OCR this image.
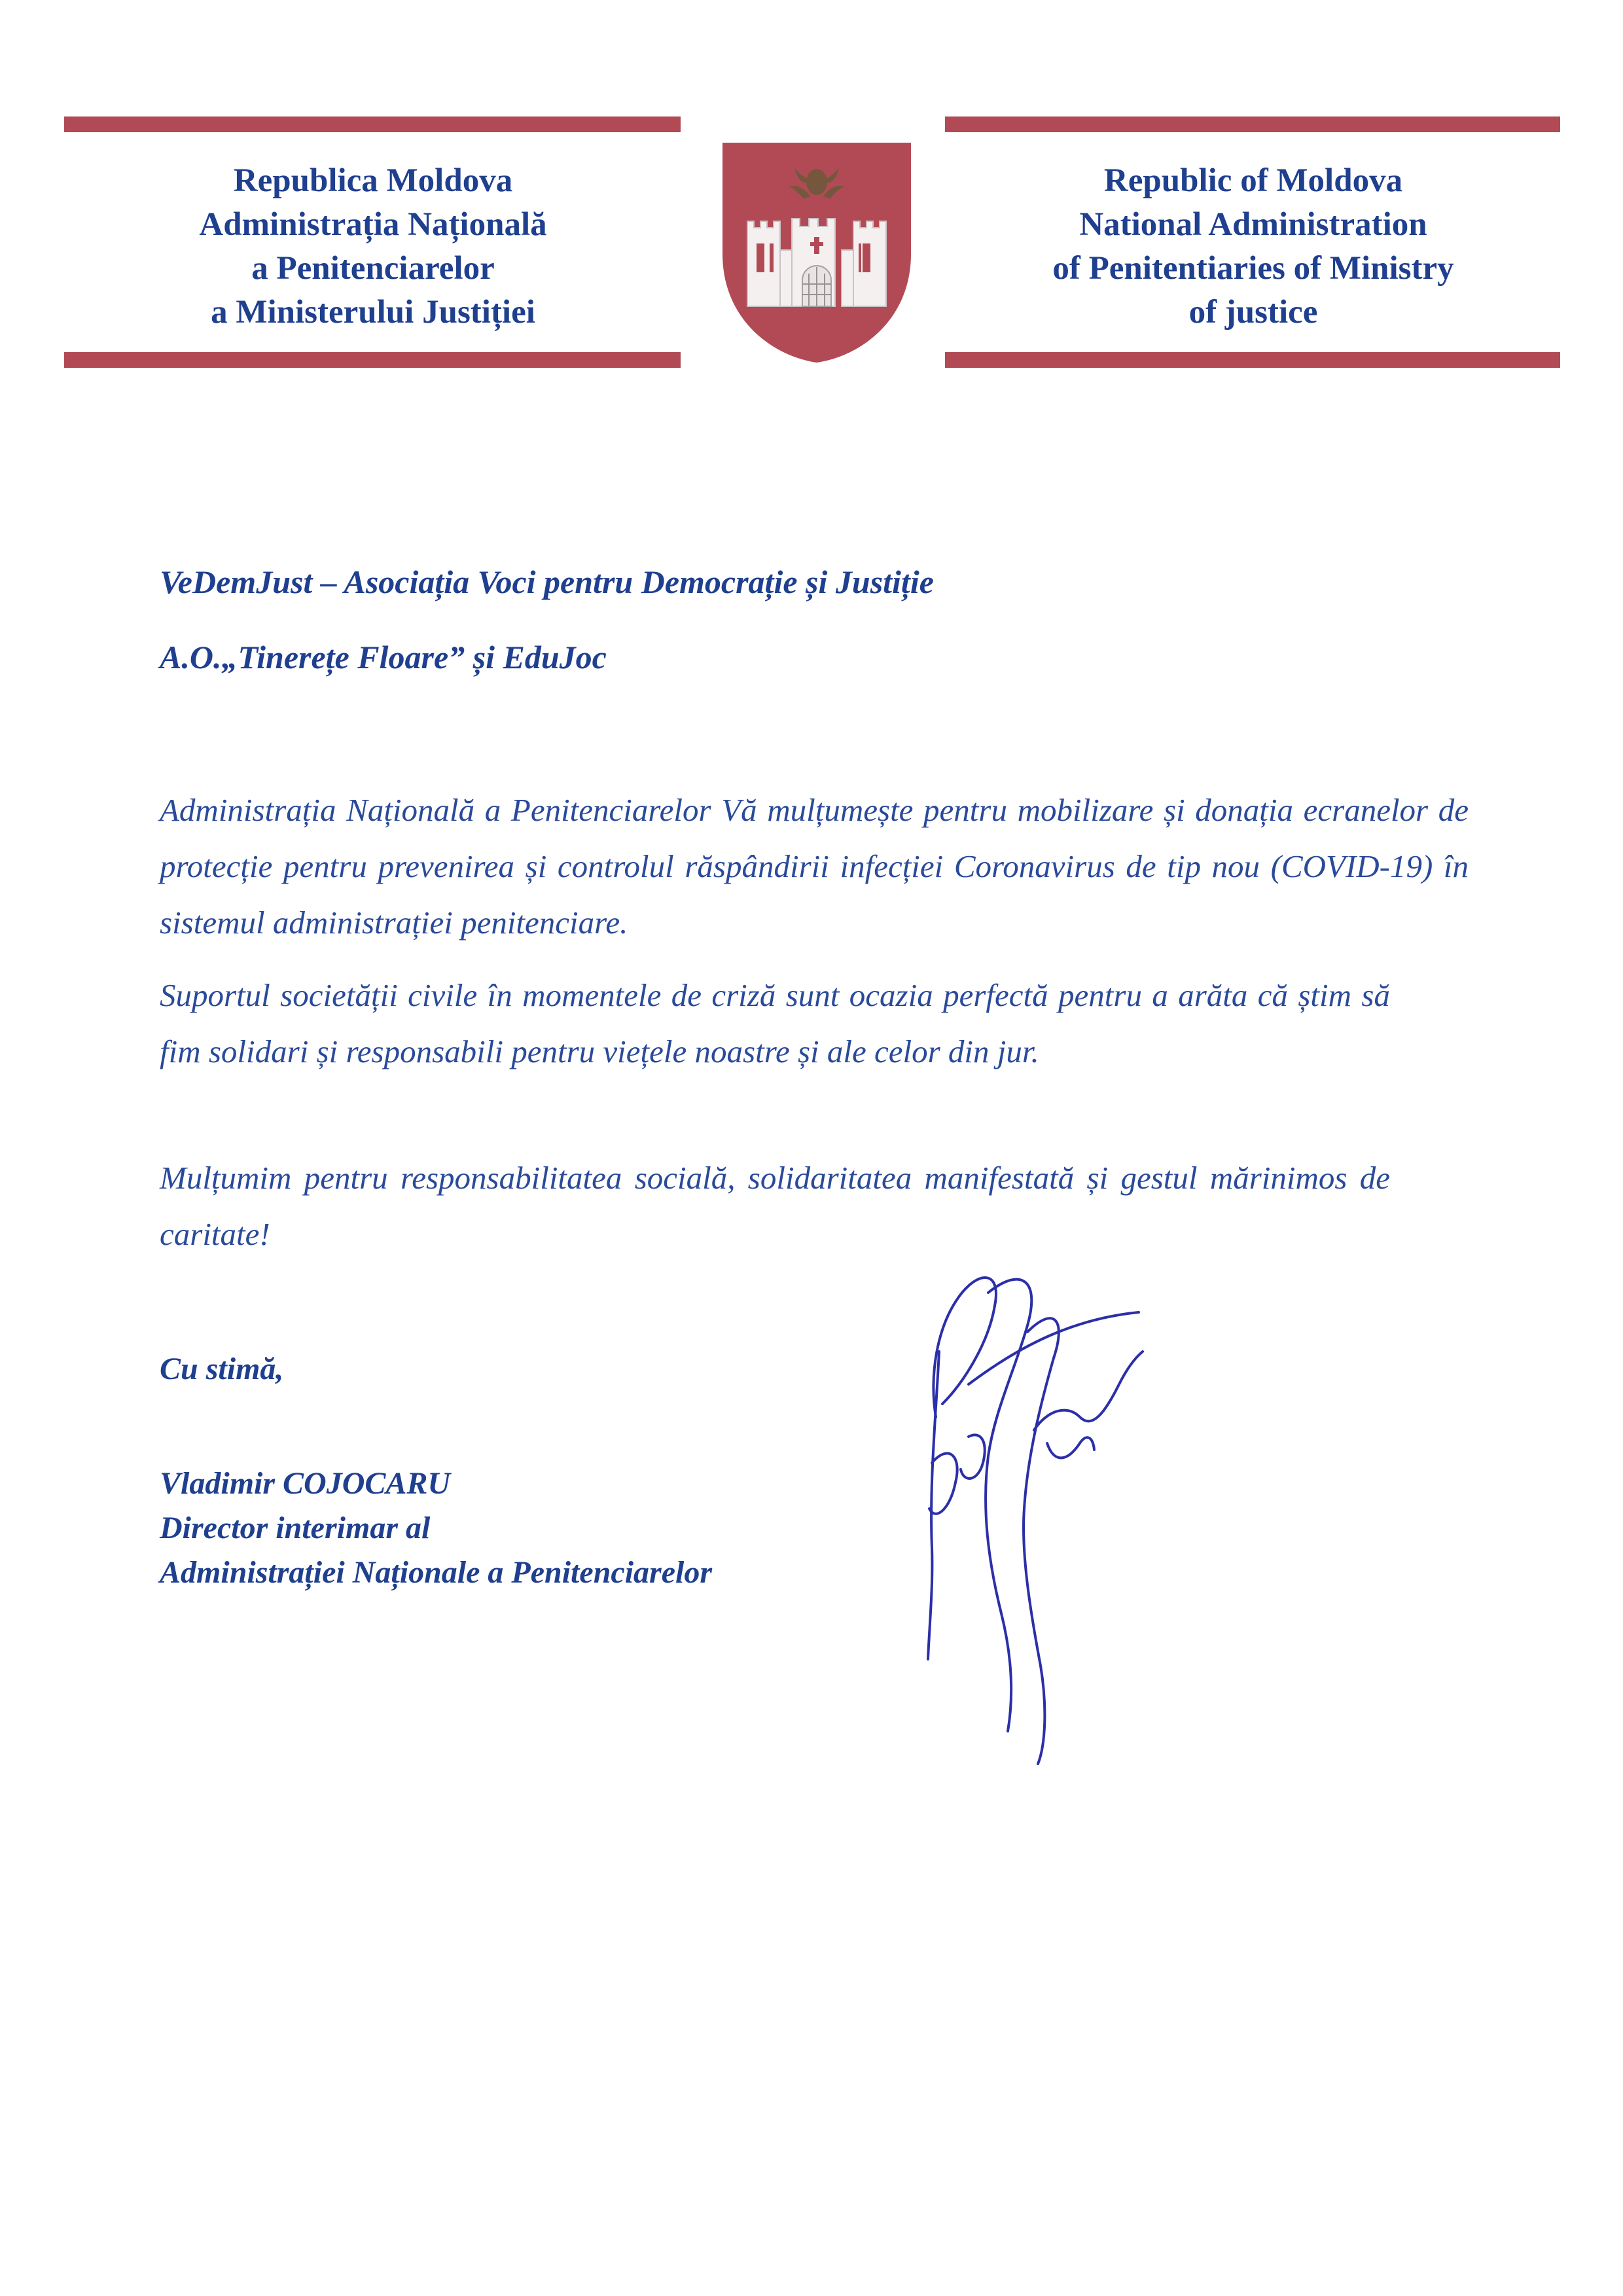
Republica Moldova
Administrația Națională
a Penitenciarelor
a Ministerului Justiției
Republic of Moldova
National Administration
of Penitentiaries of Ministry
of justice
VeDemJust – Asociația Voci pentru Democrație și Justiție
A.O.„Tinerețe Floare” și EduJoc
Administrația Națională a Penitenciarelor Vă mulțumește pentru mobilizare și donația ecranelor de protecție pentru prevenirea și controlul răspândirii infecției Coronavirus de tip nou (COVID-19) în sistemul administrației penitenciare.
Suportul societății civile în momentele de criză sunt ocazia perfectă pentru a arăta că știm să fim solidari și responsabili pentru viețele noastre și ale celor din jur.
Mulțumim pentru responsabilitatea socială, solidaritatea manifestată și gestul mărinimos de caritate!
Cu stimă,
Vladimir COJOCARU
Director interimar al
Administrației Naționale a Penitenciarelor
